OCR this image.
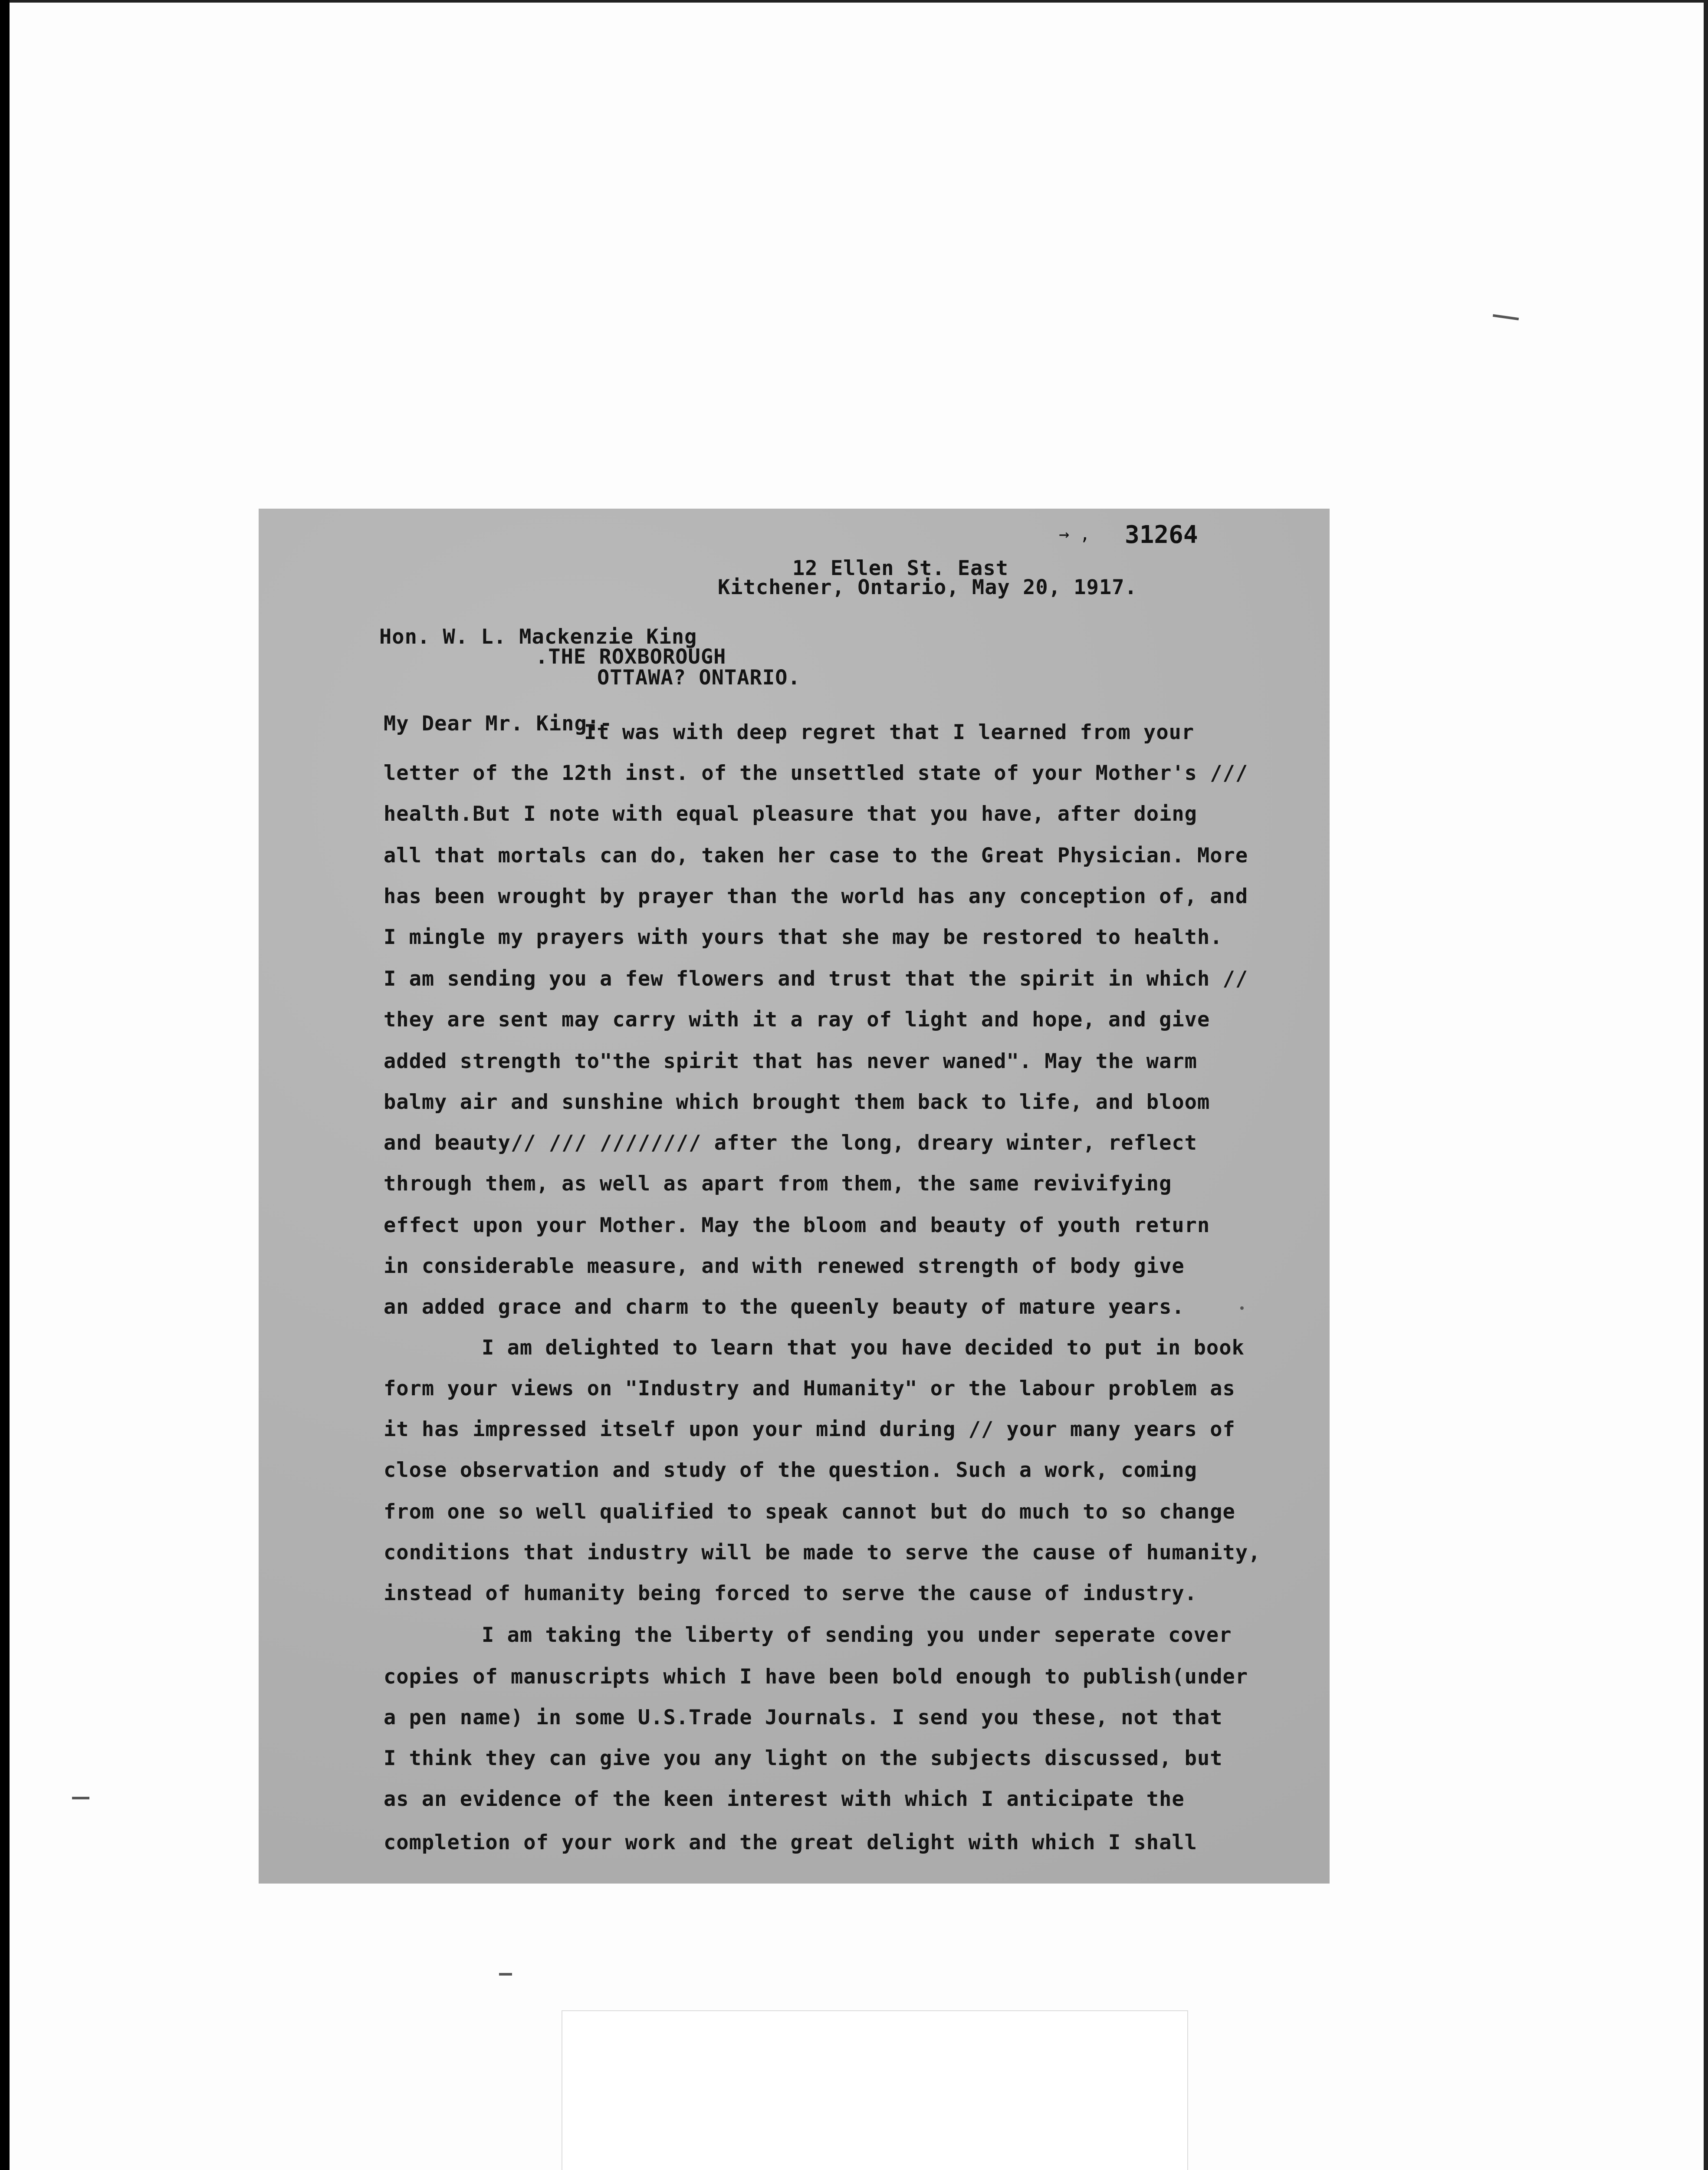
→ , 31264
12 Ellen St. East
Kitchener, Ontario, May 20, 1917.
Hon. W. L. Mackenzie King
.THE ROXBOROUGH
OTTAWA? ONTARIO.
My Dear Mr. King:-
It was with deep regret that I learned from your
letter of the 12th inst. of the unsettled state of your Mother's ///
health.But I note with equal pleasure that you have, after doing
all that mortals can do, taken her case to the Great Physician. More
has been wrought by prayer than the world has any conception of, and
I mingle my prayers with yours that she may be restored to health.
I am sending you a few flowers and trust that the spirit in which //
they are sent may carry with it a ray of light and hope, and give
added strength to"the spirit that has never waned". May the warm
balmy air and sunshine which brought them back to life, and bloom
and beauty// /// //////// after the long, dreary winter, reflect
through them, as well as apart from them, the same revivifying
effect upon your Mother. May the bloom and beauty of youth return
in considerable measure, and with renewed strength of body give
an added grace and charm to the queenly beauty of mature years.
I am delighted to learn that you have decided to put in book
form your views on "Industry and Humanity" or the labour problem as
it has impressed itself upon your mind during // your many years of
close observation and study of the question. Such a work, coming
from one so well qualified to speak cannot but do much to so change
conditions that industry will be made to serve the cause of humanity,
instead of humanity being forced to serve the cause of industry.
I am taking the liberty of sending you under seperate cover
copies of manuscripts which I have been bold enough to publish(under
a pen name) in some U.S.Trade Journals. I send you these, not that
I think they can give you any light on the subjects discussed, but
as an evidence of the keen interest with which I anticipate the
completion of your work and the great delight with which I shall
